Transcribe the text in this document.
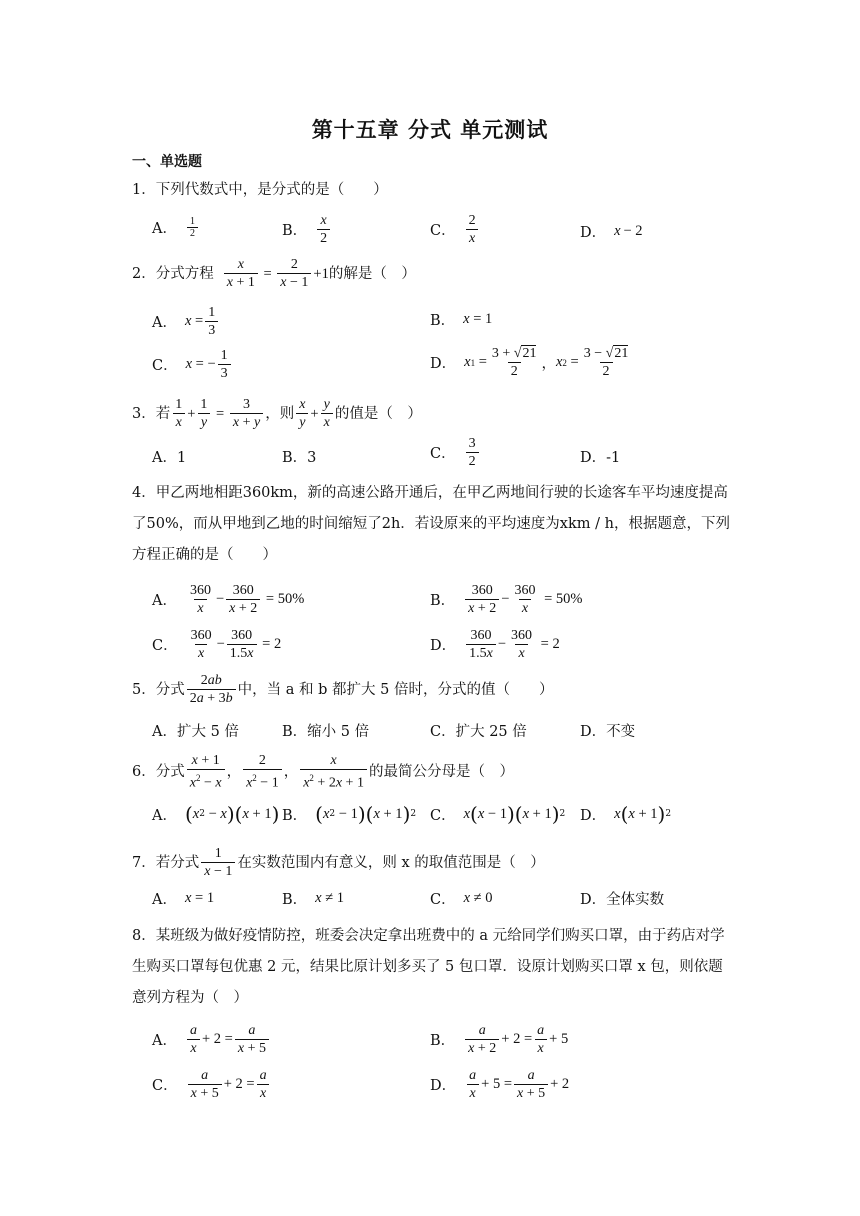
第十五章 分式 单元测试
一、单选题
1．下列代数式中，是分式的是（　　）
A． $\frac{1}{2}$	B． $\frac{x}{2}$	C． $\frac{2}{x}$	D． x  − 2
2．分式方程 $\frac{x}{x + 1} = \frac{2}{x - 1} +1$ 的解是（　）
A． $x = \frac{1}{3}$	B． x = 1
C． x = − $\frac{1}{3}$	D． x $1 = \frac{3 + √21}{2}$ ， x $2 = \frac{3 - √21}{2}$
3．若 $\frac{1}{x} + \frac{1}{y} = \frac{3}{x + y}$ ，则 $\frac{x}{y} + \frac{y}{x}$ 的值是（　）
A．1	B．3	C． $\frac{3}{2}$	D．-1
4．甲乙两地相距360km，新的高速公路开通后，在甲乙两地间行驶的长途客车平均速度提高了50%，而从甲地到乙地的时间缩短了2h．若设原来的平均速度为xkm / h，根据题意，下列方程正确的是（　　）
A． $\frac{360}{x} - \frac{360}{x + 2} = 50\%$	B． $\frac{360}{x + 2} - \frac{360}{x} = 50\%$
C． $\frac{360}{x} - \frac{360}{1.5x} = 2$	D． $\frac{360}{1.5x} - \frac{360}{x} = 2$
5．分式 $\frac{2ab}{2a + 3b}$ 中，当 a 和 b 都扩大 5 倍时，分式的值（　　）
A．扩大 5 倍	B．缩小 5 倍	C．扩大 25 倍	D．不变
6．分式 $\frac{x + 1}{x^2 - x}$ ， $\frac{2}{x^2 - 1}$ ， $\frac{x}{x^2 + 2x + 1}$ 的最简公分母是（　）
A． ( x 2 − x )( x + 1 ) B． ( x 2 − 1 )( x + 1 ) 2 C． x ( x − 1 )( x + 1 ) 2 D． x ( x + 1 ) 2
7．若分式 $\frac{1}{x - 1}$ 在实数范围内有意义，则 x 的取值范围是（　）
A． x = 1	B． x ≠ 1	C． x ≠ 0	D．全体实数
8．某班级为做好疫情防控，班委会决定拿出班费中的 a 元给同学们购买口罩，由于药店对学生购买口罩每包优惠 2 元，结果比原计划多买了 5 包口罩．设原计划购买口罩 x 包，则依题意列方程为（　）
A． $\frac{a}{x} + 2 = \frac{a}{x + 5}$	B． $\frac{a}{x + 2} + 2 = \frac{a}{x} + 5$
C． $\frac{a}{x + 5} + 2 = \frac{a}{x}$	D． $\frac{a}{x} + 5 = \frac{a}{x + 5} + 2$
